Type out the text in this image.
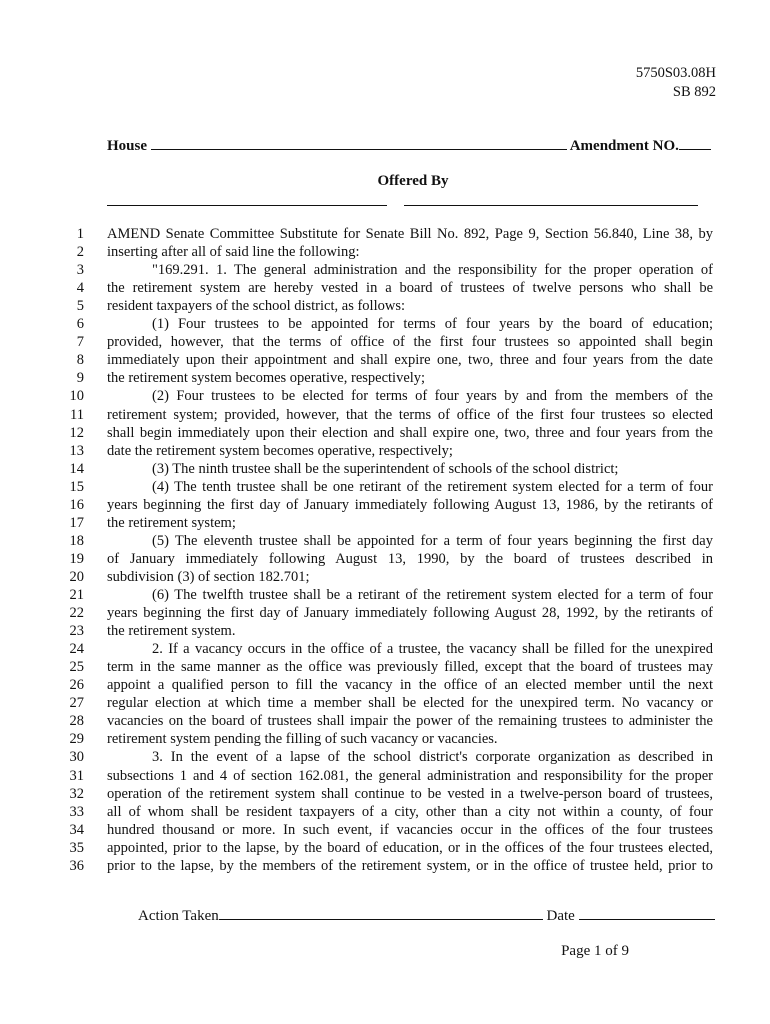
5750S03.08H
SB 892
House	Amendment NO.
Offered By
1 AMEND Senate Committee Substitute for Senate Bill No. 892, Page 9, Section 56.840, Line 38, by
2 inserting after all of said line the following:
3	"169.291. 1. The general administration and the responsibility for the proper operation of
4 the retirement system are hereby vested in a board of trustees of twelve persons who shall be
5 resident taxpayers of the school district, as follows:
6	(1) Four trustees to be appointed for terms of four years by the board of education;
7 provided, however, that the terms of office of the first four trustees so appointed shall begin
8 immediately upon their appointment and shall expire one, two, three and four years from the date
9 the retirement system becomes operative, respectively;
10	(2) Four trustees to be elected for terms of four years by and from the members of the
11 retirement system; provided, however, that the terms of office of the first four trustees so elected
12 shall begin immediately upon their election and shall expire one, two, three and four years from the
13 date the retirement system becomes operative, respectively;
14	(3) The ninth trustee shall be the superintendent of schools of the school district;
15	(4) The tenth trustee shall be one retirant of the retirement system elected for a term of four
16 years beginning the first day of January immediately following August 13, 1986, by the retirants of
17 the retirement system;
18	(5) The eleventh trustee shall be appointed for a term of four years beginning the first day
19 of January immediately following August 13, 1990, by the board of trustees described in
20 subdivision (3) of section 182.701;
21	(6) The twelfth trustee shall be a retirant of the retirement system elected for a term of four
22 years beginning the first day of January immediately following August 28, 1992, by the retirants of
23 the retirement system.
24	2. If a vacancy occurs in the office of a trustee, the vacancy shall be filled for the unexpired
25 term in the same manner as the office was previously filled, except that the board of trustees may
26 appoint a qualified person to fill the vacancy in the office of an elected member until the next
27 regular election at which time a member shall be elected for the unexpired term. No vacancy or
28 vacancies on the board of trustees shall impair the power of the remaining trustees to administer the
29 retirement system pending the filling of such vacancy or vacancies.
30	3. In the event of a lapse of the school district's corporate organization as described in
31 subsections 1 and 4 of section 162.081, the general administration and responsibility for the proper
32 operation of the retirement system shall continue to be vested in a twelve-person board of trustees,
33 all of whom shall be resident taxpayers of a city, other than a city not within a county, of four
34 hundred thousand or more. In such event, if vacancies occur in the offices of the four trustees
35 appointed, prior to the lapse, by the board of education, or in the offices of the four trustees elected,
36 prior to the lapse, by the members of the retirement system, or in the office of trustee held, prior to
Action Taken	Date
Page 1 of 9
